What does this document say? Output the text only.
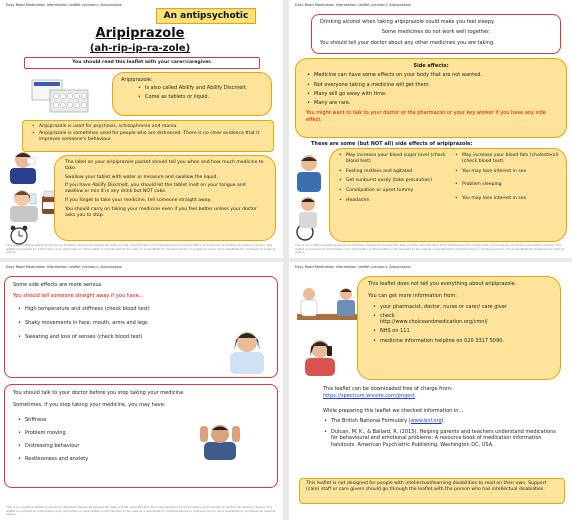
Easy Read Medication Information Leaflet (version): Aripiprazole
An antipsychotic
Aripiprazole
(ah-rip-ip-ra-zole)
You should read this leaflet with your carer/caregiver.
Aripiprazole:
• Is also called Abilify and Abilify Discmelt.
• Come as tablets or liquid.
• Aripiprazole is used for psychosis, schizophrenia and mania.
• Aripiprazole is sometimes used for people who are distressed. There is no clear evidence that it improves someone's behaviour.
The label on your aripiprazole packet should tell you when and how much medicine to take.
Swallow your tablet with water or measure and swallow the liquid.
If you have Abilify Discmelt, you should let the tablet melt on your tongue and swallow or mix it in any drink but NOT coke.
If you forget to take your medicine, tell someone straight away.
You should carry on taking your medicine even if you feel better unless your doctor asks you to stop.
This is an unofficial leaflet produced by Professor Mussarrat (Mussarrat) Zaki and Ms. Alice Muratori from the Department of Psychiatry at University of Central Lancashire (UCLan). The leaflet is provided for information only. Information in this leaflet is not intended to be used as a substitute for medical advice or guidance and is not a substitute for professional medical advice.
Easy Read Medication Information Leaflet (version): Aripiprazole
Drinking alcohol when taking aripiprazole could make you feel sleepy.
Some medicines do not work well together.
You should tell your doctor about any other medicines you are taking.
Side effects:
• Medicine can have some effects on your body that are not wanted.
• Not everyone taking a medicine will get them.
• Many will go away with time.
• Many are rare.
You might want to talk to your doctor or the pharmacist or your key worker if you have any side effect.
These are some (but NOT all) side effects of aripiprazole:
• May increase your blood sugar level (check blood test)
• Feeling restless and agitated
• Get sunburnt easily (take precaution)
• Constipation or upset tummy
• Headache.
• May increase your blood fats (cholesterol) (check blood test)
• You may lose interest in sex
• Problem sleeping
• You may lose interest in sex
This is an unofficial leaflet produced by Professor Mussarrat (Mussarrat) Zaki and Ms. Alice Muratori from the Department of Psychiatry at University of Central Lancashire (UCLan). The leaflet is provided for information only. Information in this leaflet is not intended to be used as a substitute for medical advice or guidance and is not a substitute for professional medical advice.
Easy Read Medication Information Leaflet (version): Aripiprazole
Some side effects are more serious.
You should tell someone straight away if you have...
• High temperature and stiffness (check blood test)
• Shaky movements in face, mouth, arms and legs
• Sweating and loss of senses (check blood test)
You should talk to your doctor before you stop taking your medicine.
Sometimes, if you stop taking your medicine, you may have:
• Stiffness
• Problem moving
• Distressing behaviour
• Restlessness and anxiety
This is an unofficial leaflet produced by Professor Mussarrat (Mussarrat) Zaki and Ms. Alice Muratori from the Department of Psychiatry at University of Central Lancashire (UCLan). The leaflet is provided for information only. Information in this leaflet is not intended to be used as a substitute for medical advice or guidance and is not a substitute for professional medical advice.
Easy Read Medication Information Leaflet (version): Aripiprazole
This leaflet does not tell you everything about aripiprazole.
You can get more information from:
• your pharmacist, doctor, nurse or carer/ care giver
• check
http://www.choiceandmedication.org/cmnl/
• NHS on 111
• medicine information helpline on 020 3317 5090.
This leaflet can be downloaded free of charge from:
https://spectrum.wixsite.com/project
While preparing this leaflet we checked information in...
• The British National Formulary (www.bnf.org)
• Dulcan, M. K., & Ballard, R. (2015). Helping parents and teachers understand medications for behavioural and emotional problems: A resource book of medication information handouts. American Psychiatric Publishing, Washington DC, USA.
This leaflet is not designed for people with intellectual/learning disabilities to read on their own. Support (care) staff or care givers should go through the leaflet with the person who has intellectual disabilities.
